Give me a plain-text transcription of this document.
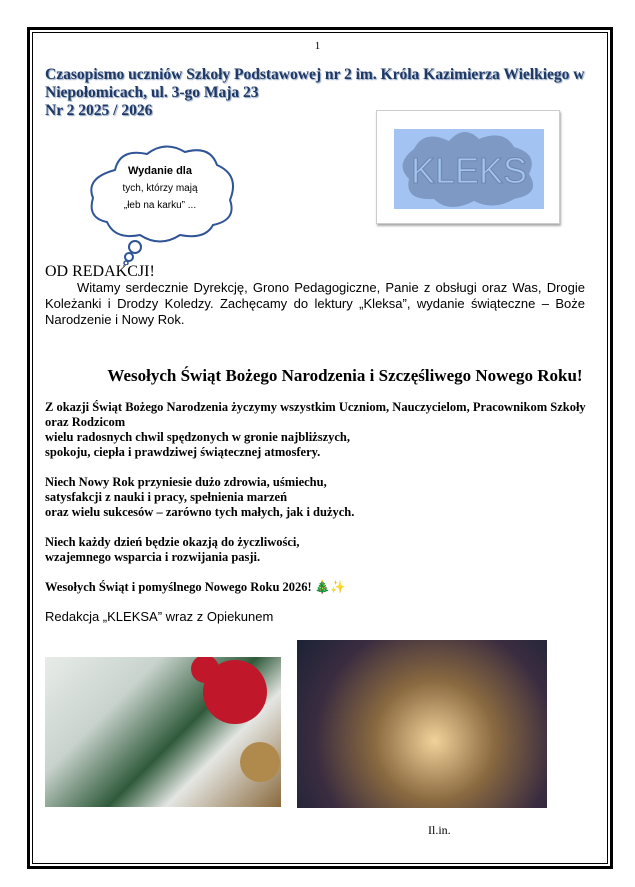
1
Czasopismo uczniów Szkoły Podstawowej nr 2 im. Króla Kazimierza Wielkiego w
Niepołomicach, ul. 3-go Maja 23
Nr 2 2025 / 2026
Wydanie dla
tych, którzy mają
„łeb na karku” ...
KLEKS
OD REDAKCJI!
Witamy serdecznie Dyrekcję, Grono Pedagogiczne, Panie z obsługi oraz Was, Drogie Koleżanki i Drodzy Koledzy. Zachęcamy do lektury „Kleksa”, wydanie świąteczne – Boże Narodzenie i Nowy Rok.
Wesołych Świąt Bożego Narodzenia i Szczęśliwego Nowego Roku!

Z okazji Świąt Bożego Narodzenia życzymy wszystkim Uczniom, Nauczycielom, Pracownikom Szkoły oraz Rodzicom
wielu radosnych chwil spędzonych w gronie najbliższych,
spokoju, ciepła i prawdziwej świątecznej atmosfery.

Niech Nowy Rok przyniesie dużo zdrowia, uśmiechu,
satysfakcji z nauki i pracy, spełnienia marzeń
oraz wielu sukcesów – zarówno tych małych, jak i dużych.

Niech każdy dzień będzie okazją do życzliwości,
wzajemnego wsparcia i rozwijania pasji.

Wesołych Świąt i pomyślnego Nowego Roku 2026! 🎄✨

Redakcja „KLEKSA” wraz z Opiekunem
Il.in.
